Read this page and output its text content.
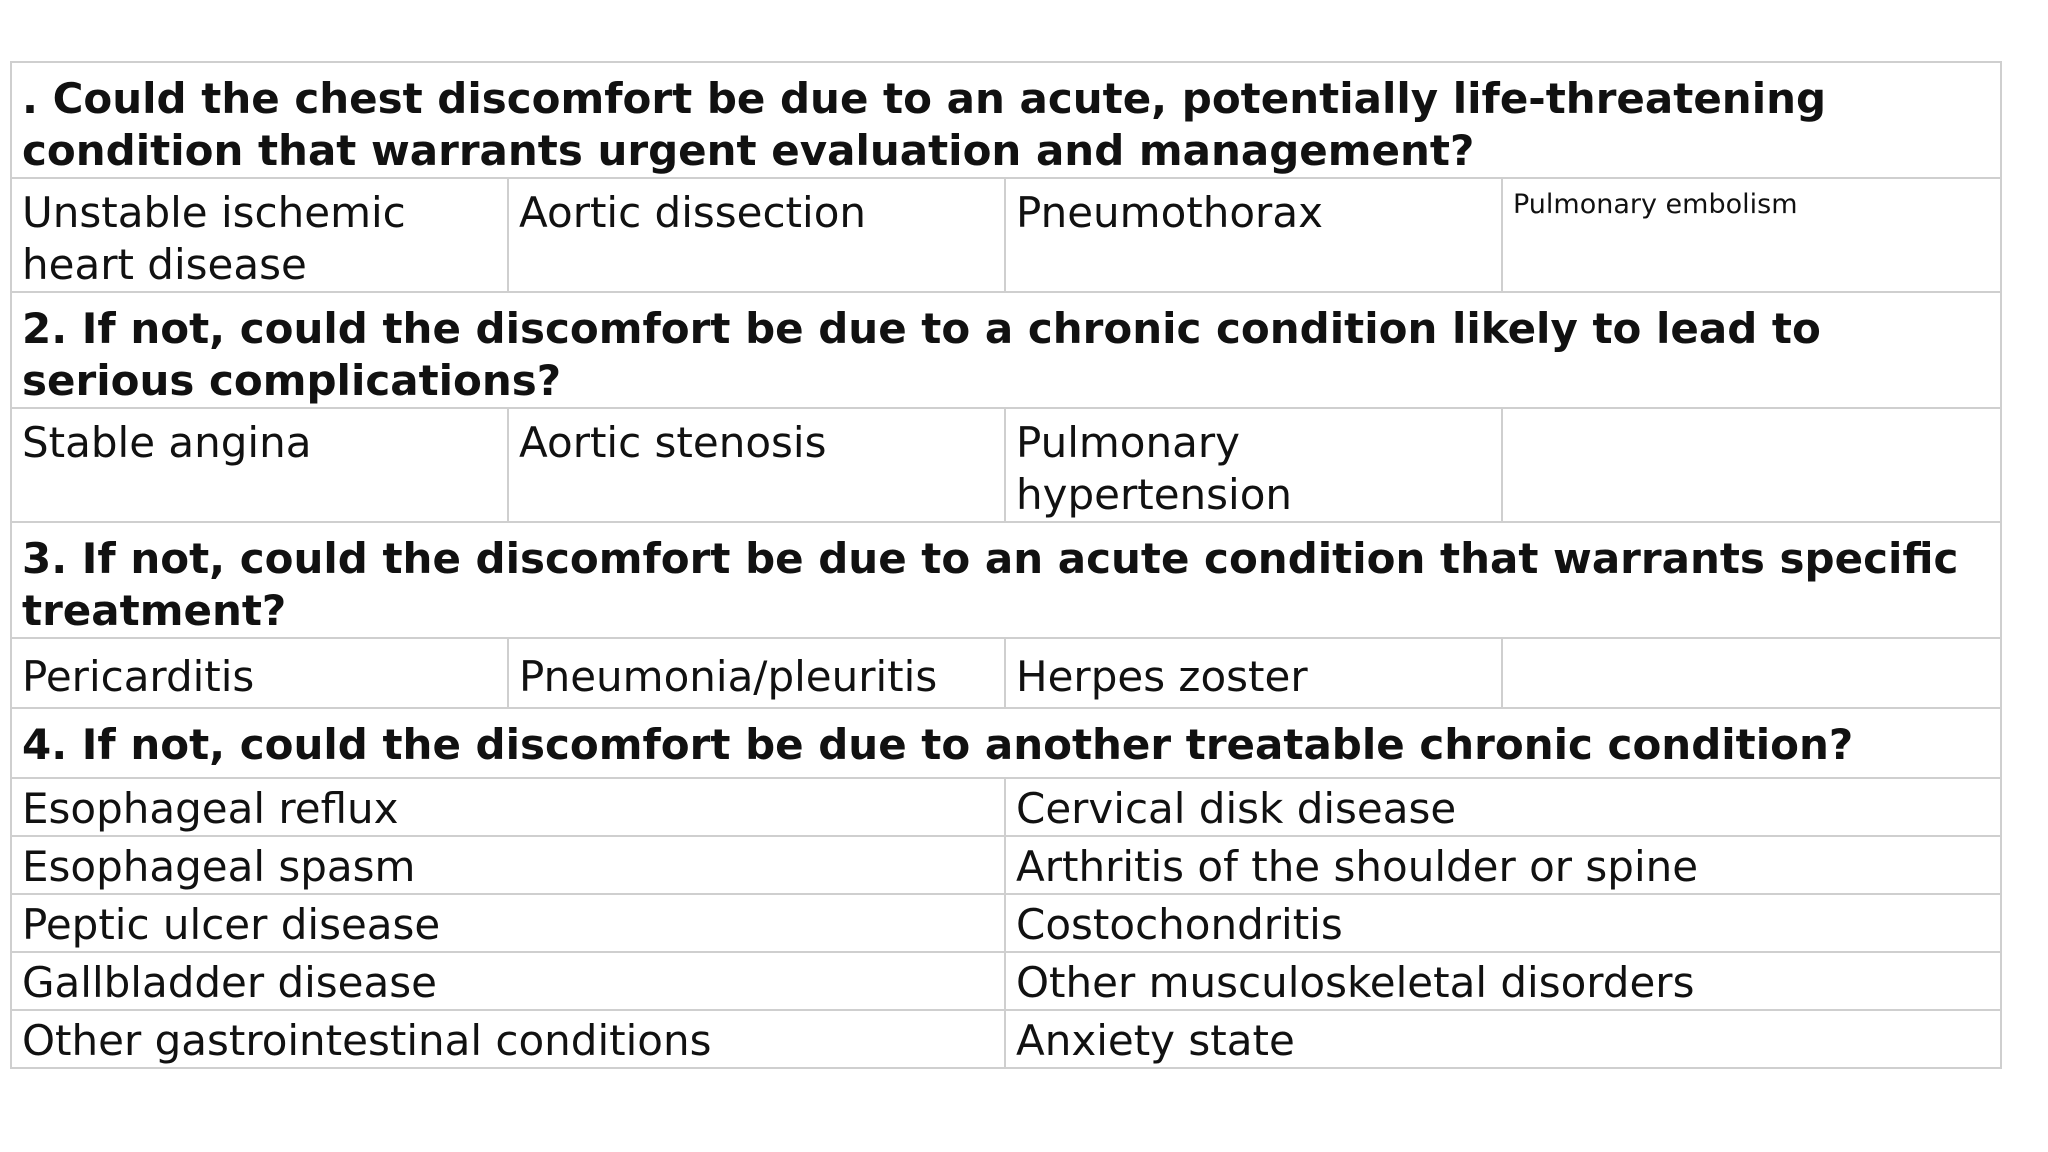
. Could the chest discomfort be due to an acute, potentially life-threatening condition that warrants urgent evaluation and management?			
Unstable ischemic heart disease	Aortic dissection	Pneumothorax	Pulmonary embolism
2. If not, could the discomfort be due to a chronic condition likely to lead to serious complications?			
Stable angina	Aortic stenosis	Pulmonary hypertension	
3. If not, could the discomfort be due to an acute condition that warrants specific treatment?			
Pericarditis	Pneumonia/pleuritis	Herpes zoster	
4. If not, could the discomfort be due to another treatable chronic condition?			
Esophageal reflux		Cervical disk disease	
Esophageal spasm		Arthritis of the shoulder or spine	
Peptic ulcer disease		Costochondritis	
Gallbladder disease		Other musculoskeletal disorders	
Other gastrointestinal conditions		Anxiety state	
